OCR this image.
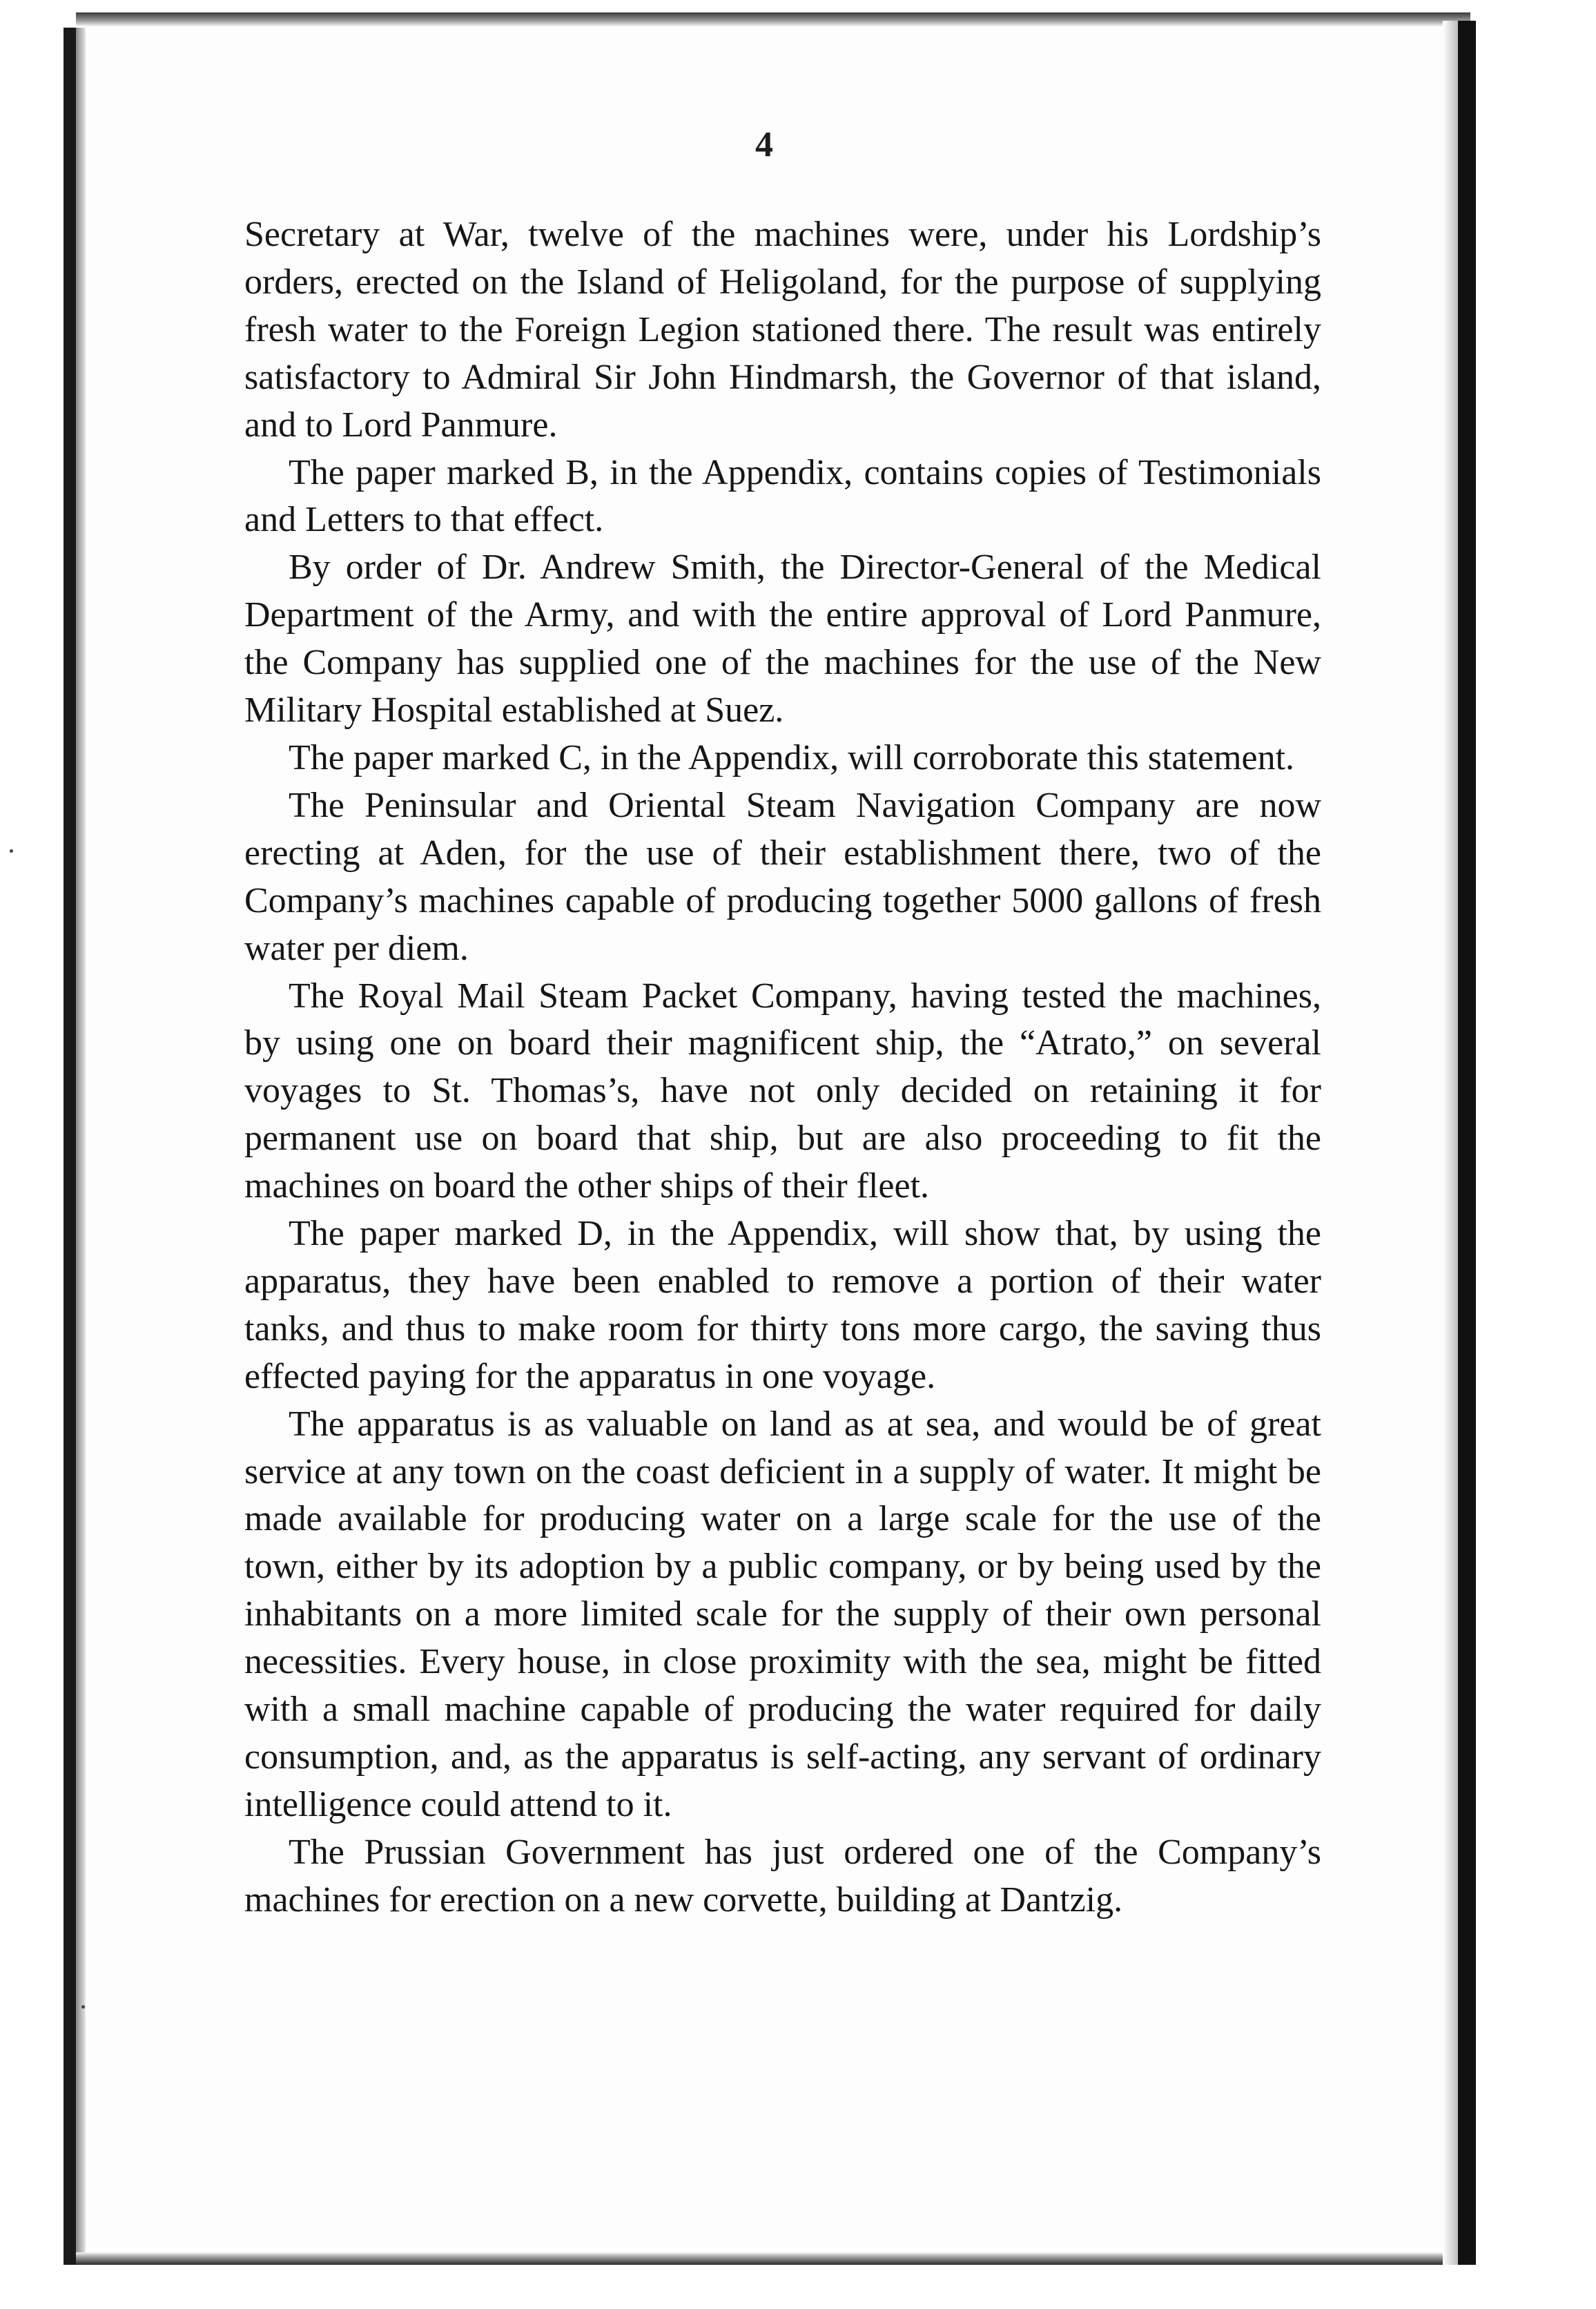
4

Secretary at War, twelve of the machines were, under his Lordship’s orders, erected on the Island of Heligoland, for the purpose of supplying fresh water to the Foreign Legion stationed there. The result was entirely satisfactory to Admiral Sir John Hindmarsh, the Governor of that island, and to Lord Panmure.

The paper marked B, in the Appendix, contains copies of Testimonials and Letters to that effect.

By order of Dr. Andrew Smith, the Director-General of the Medical Department of the Army, and with the entire approval of Lord Panmure, the Company has supplied one of the machines for the use of the New Military Hospital established at Suez.

The paper marked C, in the Appendix, will corroborate this statement.

The Peninsular and Oriental Steam Navigation Company are now erecting at Aden, for the use of their establishment there, two of the Company’s machines capable of producing together 5000 gallons of fresh water per diem.

The Royal Mail Steam Packet Company, having tested the machines, by using one on board their magnificent ship, the “Atrato,” on several voyages to St. Thomas’s, have not only decided on retaining it for permanent use on board that ship, but are also proceeding to fit the machines on board the other ships of their fleet.

The paper marked D, in the Appendix, will show that, by using the apparatus, they have been enabled to remove a portion of their water tanks, and thus to make room for thirty tons more cargo, the saving thus effected paying for the apparatus in one voyage.

The apparatus is as valuable on land as at sea, and would be of great service at any town on the coast deficient in a supply of water. It might be made available for producing water on a large scale for the use of the town, either by its adoption by a public company, or by being used by the inhabitants on a more limited scale for the supply of their own personal necessities. Every house, in close proximity with the sea, might be fitted with a small machine capable of producing the water required for daily consumption, and, as the apparatus is self-acting, any servant of ordinary intelligence could attend to it.

The Prussian Government has just ordered one of the Company’s machines for erection on a new corvette, building at Dantzig.
